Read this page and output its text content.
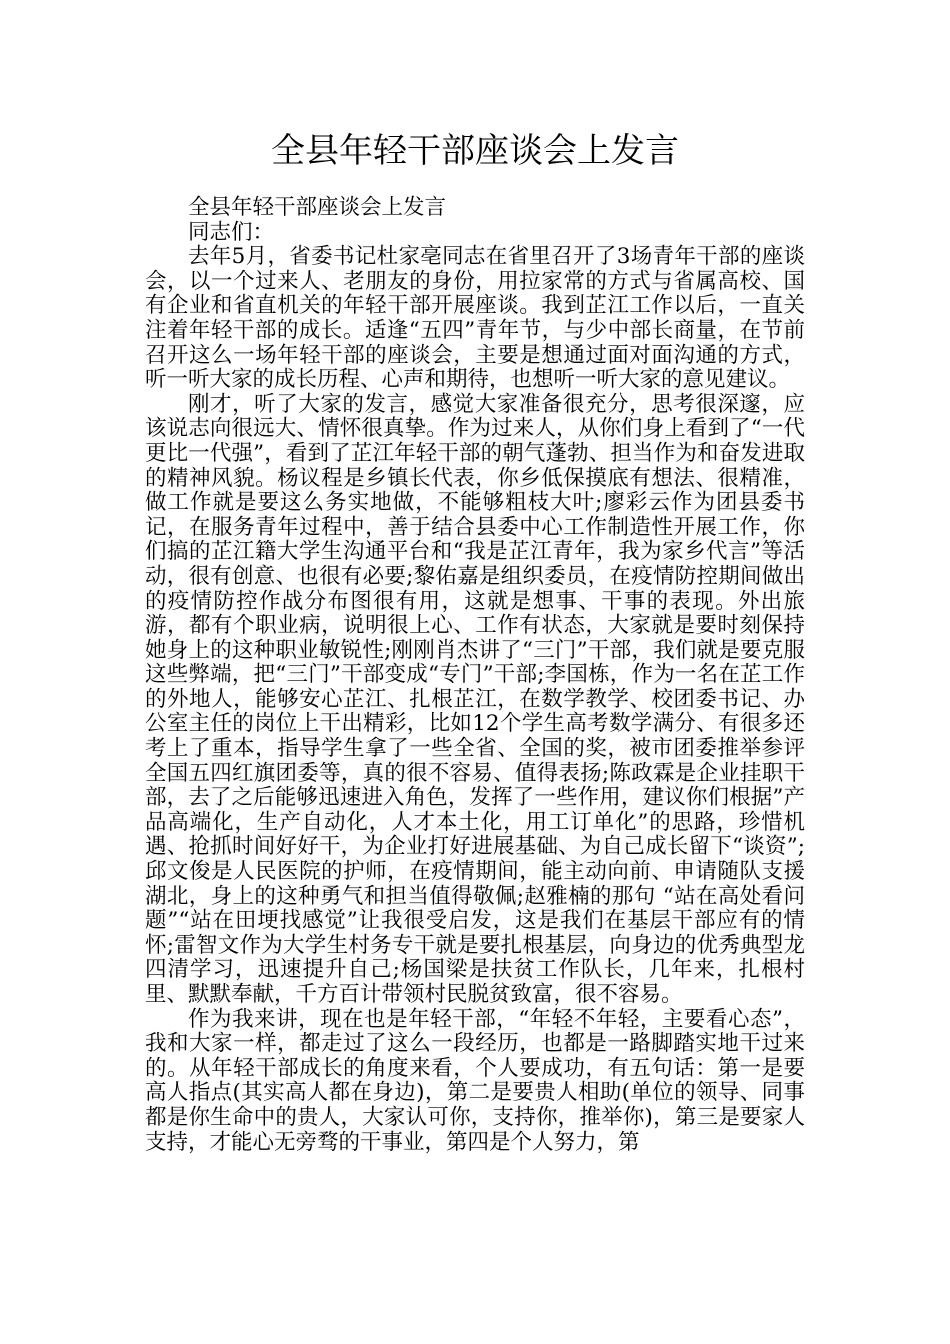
全县年轻干部座谈会上发言

全县年轻干部座谈会上发言

同志们：

去年5月，省委书记杜家亳同志在省里召开了3场青年干部的座谈会，以一个过来人、老朋友的身份，用拉家常的方式与省属高校、国有企业和省直机关的年轻干部开展座谈。我到芷江工作以后，一直关注着年轻干部的成长。适逢“五四”青年节，与少中部长商量，在节前召开这么一场年轻干部的座谈会，主要是想通过面对面沟通的方式，听一听大家的成长历程、心声和期待，也想听一听大家的意见建议。

刚才，听了大家的发言，感觉大家准备很充分，思考很深邃，应该说志向很远大、情怀很真挚。作为过来人，从你们身上看到了“一代更比一代强”，看到了芷江年轻干部的朝气蓬勃、担当作为和奋发进取的精神风貌。杨议程是乡镇长代表，你乡低保摸底有想法、很精准，做工作就是要这么务实地做，不能够粗枝大叶;廖彩云作为团县委书记，在服务青年过程中，善于结合县委中心工作制造性开展工作，你们搞的芷江籍大学生沟通平台和“我是芷江青年，我为家乡代言”等活动，很有创意、也很有必要;黎佑嘉是组织委员，在疫情防控期间做出的疫情防控作战分布图很有用，这就是想事、干事的表现。外出旅游，都有个职业病，说明很上心、工作有状态，大家就是要时刻保持她身上的这种职业敏锐性;刚刚肖杰讲了“三门”干部，我们就是要克服这些弊端，把“三门”干部变成“专门”干部;李国栋，作为一名在芷工作的外地人，能够安心芷江、扎根芷江，在数学教学、校团委书记、办公室主任的岗位上干出精彩，比如12个学生高考数学满分、有很多还考上了重本，指导学生拿了一些全省、全国的奖，被市团委推举参评全国五四红旗团委等，真的很不容易、值得表扬;陈政霖是企业挂职干部，去了之后能够迅速进入角色，发挥了一些作用，建议你们根据”产品高端化，生产自动化，人才本土化，用工订单化”的思路，珍惜机遇、抢抓时间好好干，为企业打好进展基础、为自己成长留下“谈资”;邱文俊是人民医院的护师，在疫情期间，能主动向前、申请随队支援湖北，身上的这种勇气和担当值得敬佩;赵雅楠的那句 “站在高处看问题”“站在田埂找感觉”让我很受启发，这是我们在基层干部应有的情怀;雷智文作为大学生村务专干就是要扎根基层，向身边的优秀典型龙四清学习，迅速提升自己;杨国梁是扶贫工作队长，几年来，扎根村里、默默奉献，千方百计带领村民脱贫致富，很不容易。

作为我来讲，现在也是年轻干部，“年轻不年轻，主要看心态”，我和大家一样，都走过了这么一段经历，也都是一路脚踏实地干过来的。从年轻干部成长的角度来看，个人要成功，有五句话：第一是要高人指点(其实高人都在身边)，第二是要贵人相助(单位的领导、同事都是你生命中的贵人，大家认可你，支持你，推举你)，第三是要家人支持，才能心无旁骛的干事业，第四是个人努力，第
